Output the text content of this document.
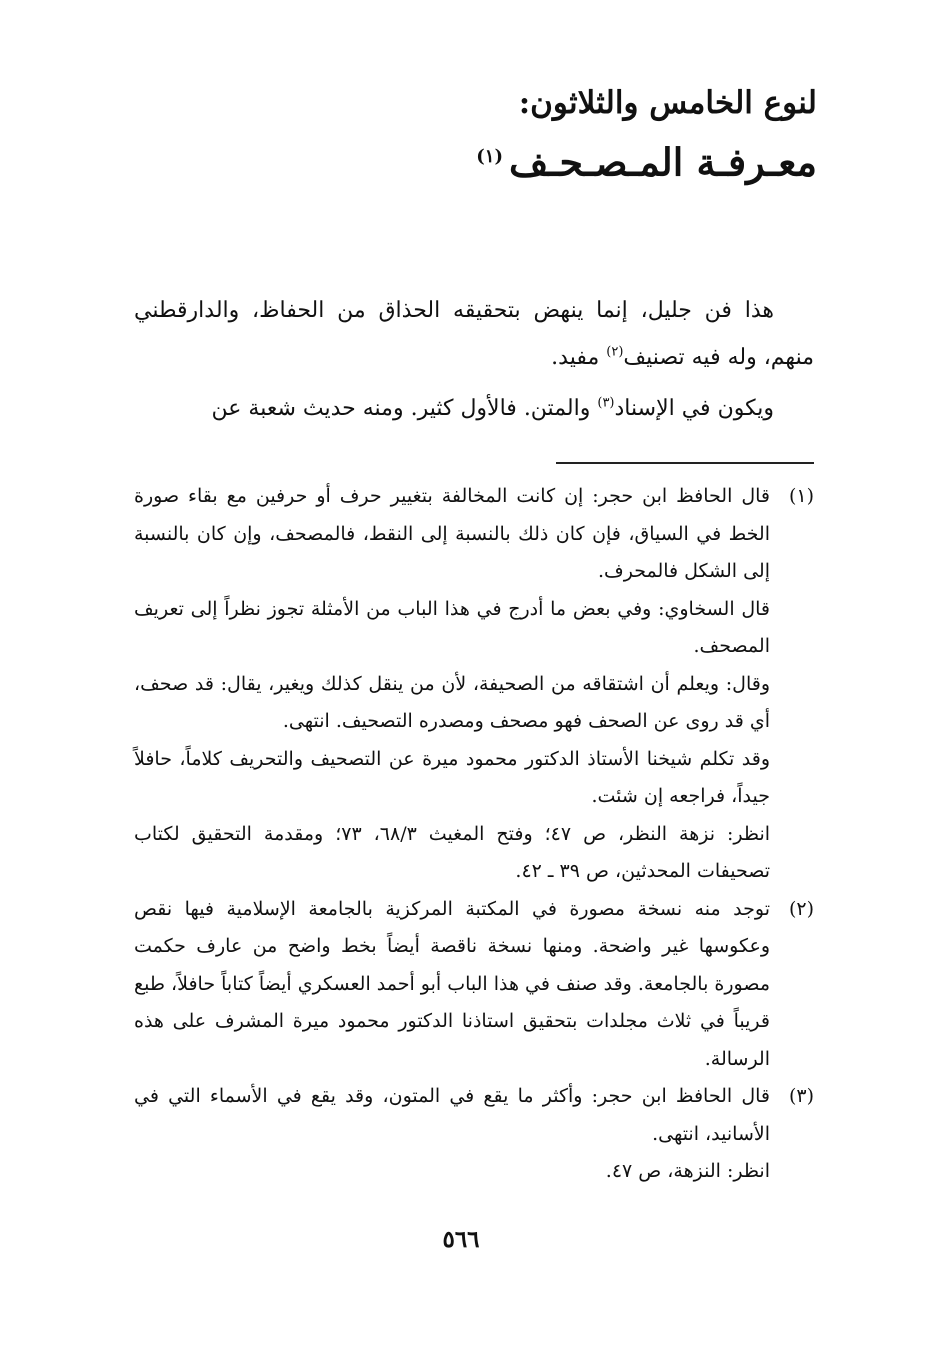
لنوع الخامس والثلاثون:

معـرفـة المـصـحـف$^{(١)}$

هذا فن جليل، إنما ينهض بتحقيقه الحذاق من الحفاظ، والدارقطني منهم، وله فيه تصنيف$^{(٢)}$ مفيد.

ويكون في الإسناد$^{(٣)}$ والمتن. فالأول كثير. ومنه حديث شعبة عن

(١)

قال الحافظ ابن حجر: إن كانت المخالفة بتغيير حرف أو حرفين مع بقاء صورة الخط في السياق، فإن كان ذلك بالنسبة إلى النقط، فالمصحف، وإن كان بالنسبة إلى الشكل فالمحرف.

قال السخاوي: وفي بعض ما أدرج في هذا الباب من الأمثلة تجوز نظراً إلى تعريف المصحف.

وقال: ويعلم أن اشتقاقه من الصحيفة، لأن من ينقل كذلك ويغير، يقال: قد صحف، أي قد روى عن الصحف فهو مصحف ومصدره التصحيف. انتهى.

وقد تكلم شيخنا الأستاذ الدكتور محمود ميرة عن التصحيف والتحريف كلاماً، حافلاً جيداً، فراجعه إن شئت.

انظر: نزهة النظر، ص ٤٧؛ وفتح المغيث ٦٨/٣، ٧٣؛ ومقدمة التحقيق لكتاب تصحيفات المحدثين، ص ٣٩ ـ ٤٢.

(٢)

توجد منه نسخة مصورة في المكتبة المركزية بالجامعة الإسلامية فيها نقص وعكوسها غير واضحة. ومنها نسخة ناقصة أيضاً بخط واضح من عارف حكمت مصورة بالجامعة. وقد صنف في هذا الباب أبو أحمد العسكري أيضاً كتاباً حافلاً، طبع قريباً في ثلاث مجلدات بتحقيق استاذنا الدكتور محمود ميرة المشرف على هذه الرسالة.

(٣)

قال الحافظ ابن حجر: وأكثر ما يقع في المتون، وقد يقع في الأسماء التي في الأسانيد، انتهى.

انظر: النزهة، ص ٤٧.

٥٦٦
